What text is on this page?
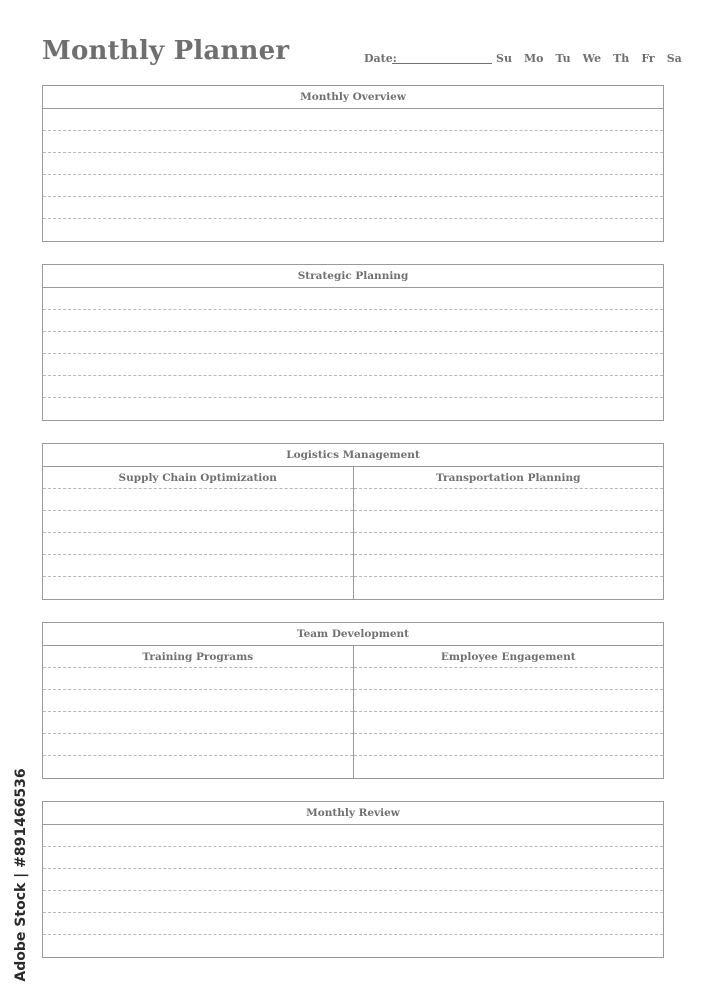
Monthly Planner	Date:	Su Mo Tu We Th Fr Sa
Monthly Overview
Strategic Planning
Logistics Management
Supply Chain Optimization	Transportation Planning
Team Development
Training Programs	Employee Engagement
Monthly Review
Adobe Stock | #891466536
